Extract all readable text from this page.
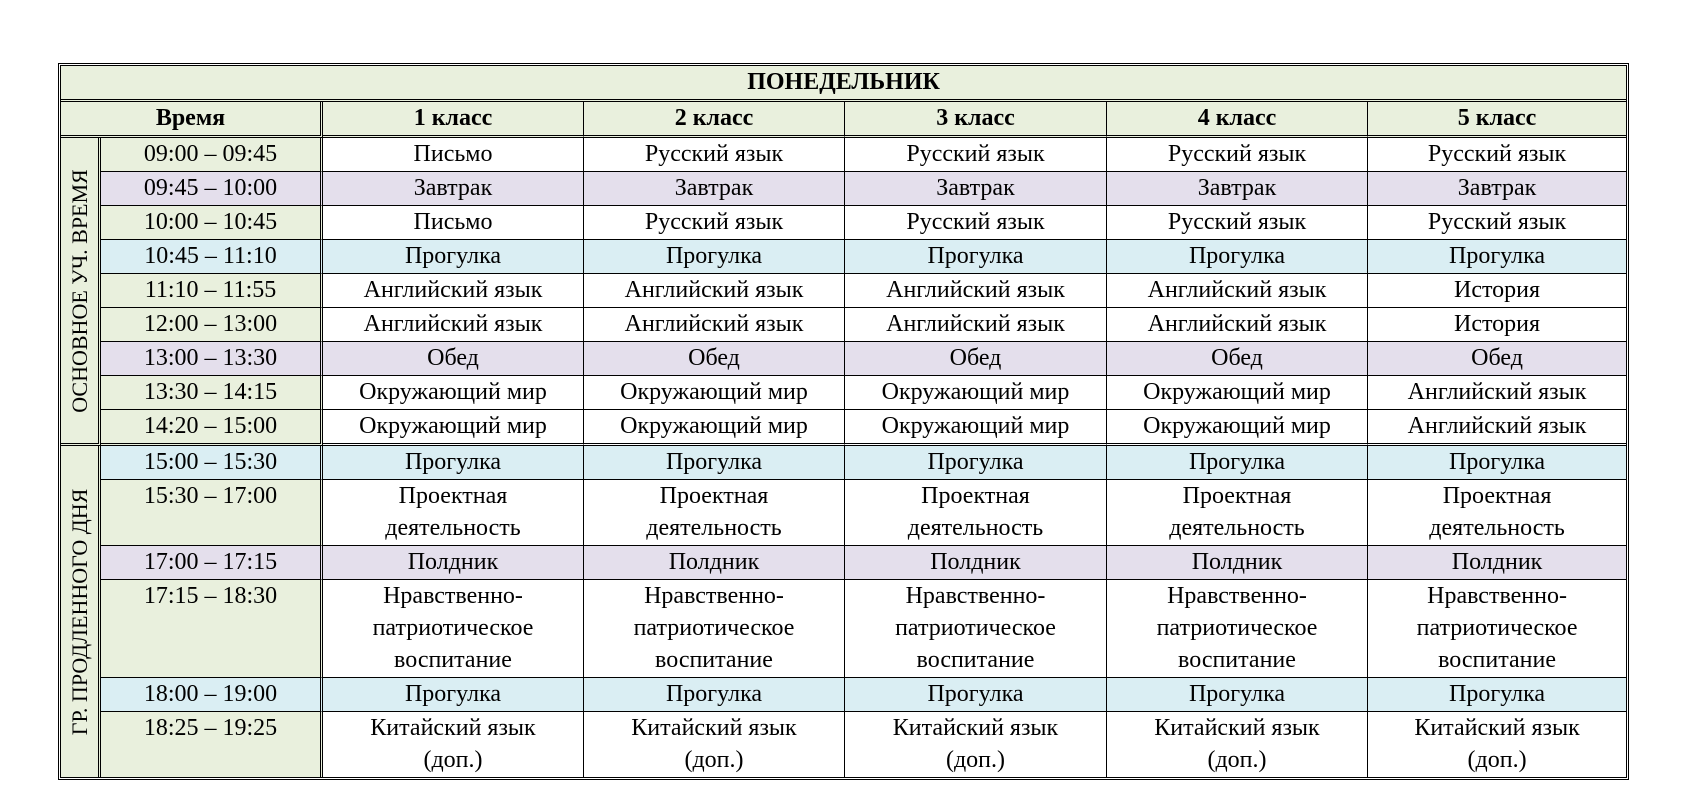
ПОНЕДЕЛЬНИК						
Время		1 класс	2 класс	3 класс	4 класс	5 класс

ОСНОВНОЕ УЧ. ВРЕМЯ	09:00 – 09:45	Письмо	Русский язык	Русский язык	Русский язык	Русский язык

	09:45 – 10:00	Завтрак	Завтрак	Завтрак	Завтрак	Завтрак

	10:00 – 10:45	Письмо	Русский язык	Русский язык	Русский язык	Русский язык

	10:45 – 11:10	Прогулка	Прогулка	Прогулка	Прогулка	Прогулка

	11:10 – 11:55	Английский язык	Английский язык	Английский язык	Английский язык	История

	12:00 – 13:00	Английский язык	Английский язык	Английский язык	Английский язык	История

	13:00 – 13:30	Обед	Обед	Обед	Обед	Обед

	13:30 – 14:15	Окружающий мир	Окружающий мир	Окружающий мир	Окружающий мир	Английский язык

	14:20 – 15:00	Окружающий мир	Окружающий мир	Окружающий мир	Окружающий мир	Английский язык

ГР. ПРОДЛЕННОГО ДНЯ	15:00 – 15:30	Прогулка	Прогулка	Прогулка	Прогулка	Прогулка

	15:30 – 17:00	Проектная
деятельность	Проектная
деятельность	Проектная
деятельность	Проектная
деятельность	Проектная
деятельность

	17:00 – 17:15	Полдник	Полдник	Полдник	Полдник	Полдник

	17:15 – 18:30	Нравственно-
патриотическое
воспитание	Нравственно-
патриотическое
воспитание	Нравственно-
патриотическое
воспитание	Нравственно-
патриотическое
воспитание	Нравственно-
патриотическое
воспитание

	18:00 – 19:00	Прогулка	Прогулка	Прогулка	Прогулка	Прогулка

	18:25 – 19:25	Китайский язык
(доп.)	Китайский язык
(доп.)	Китайский язык
(доп.)	Китайский язык
(доп.)	Китайский язык
(доп.)
